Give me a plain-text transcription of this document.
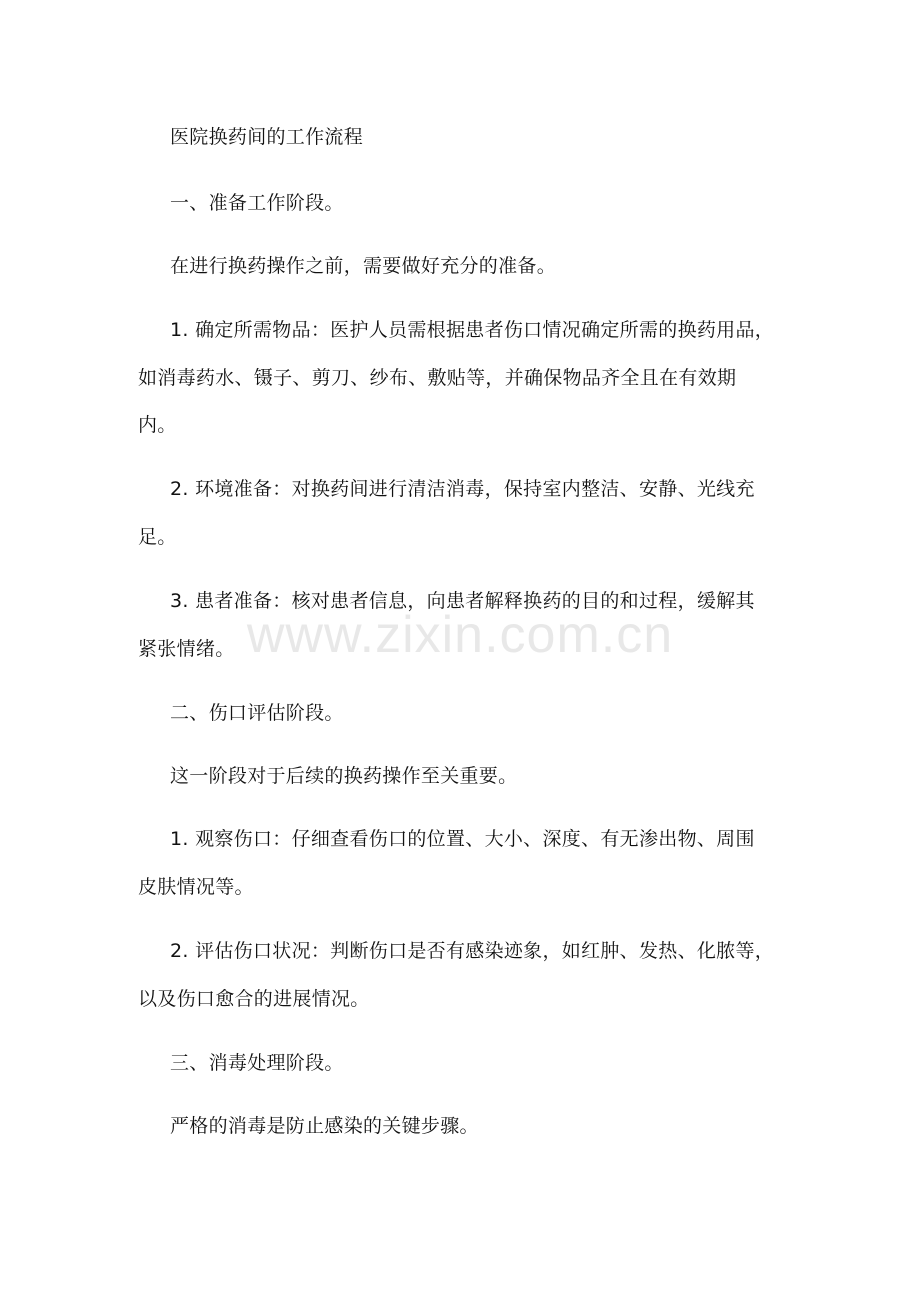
医院换药间的工作流程

一、准备工作阶段。

在进行换药操作之前，需要做好充分的准备。

1. 确定所需物品：医护人员需根据患者伤口情况确定所需的换药用品，

如消毒药水、镊子、剪刀、纱布、敷贴等，并确保物品齐全且在有效期

内。

2. 环境准备：对换药间进行清洁消毒，保持室内整洁、安静、光线充

足。

3. 患者准备：核对患者信息，向患者解释换药的目的和过程，缓解其

紧张情绪。

二、伤口评估阶段。

这一阶段对于后续的换药操作至关重要。

1. 观察伤口：仔细查看伤口的位置、大小、深度、有无渗出物、周围

皮肤情况等。

2. 评估伤口状况：判断伤口是否有感染迹象，如红肿、发热、化脓等，

以及伤口愈合的进展情况。

三、消毒处理阶段。

严格的消毒是防止感染的关键步骤。

www.zixin.com.cn
